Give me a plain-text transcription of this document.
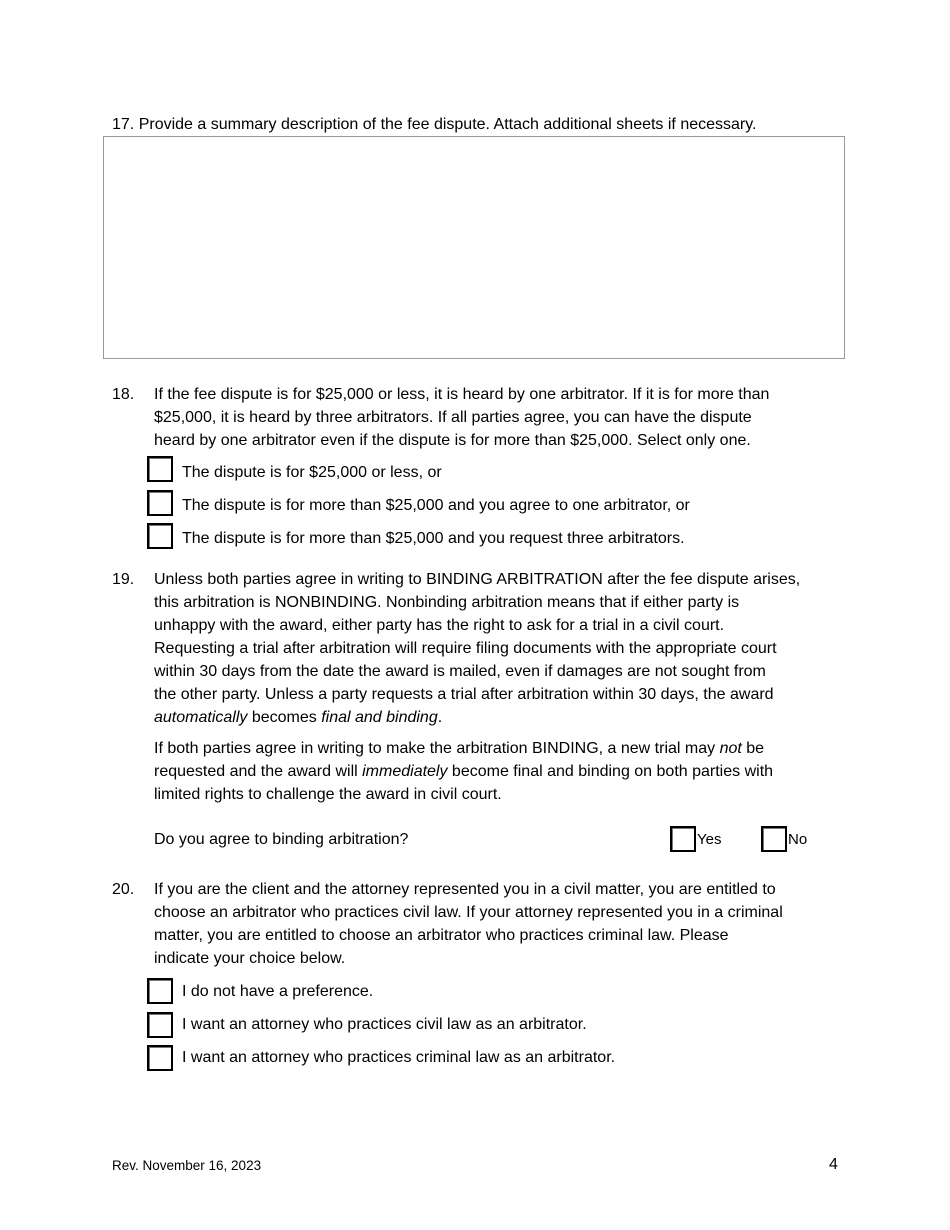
17. Provide a summary description of the fee dispute. Attach additional sheets if necessary.
18. If the fee dispute is for $25,000 or less, it is heard by one arbitrator. If it is for more than

$25,000, it is heard by three arbitrators. If all parties agree, you can have the dispute

heard by one arbitrator even if the dispute is for more than $25,000. Select only one.

The dispute is for $25,000 or less, or
The dispute is for more than $25,000 and you agree to one arbitrator, or
The dispute is for more than $25,000 and you request three arbitrators.
19. Unless both parties agree in writing to BINDING ARBITRATION after the fee dispute arises,

this arbitration is NONBINDING. Nonbinding arbitration means that if either party is

unhappy with the award, either party has the right to ask for a trial in a civil court.

Requesting a trial after arbitration will require filing documents with the appropriate court

within 30 days from the date the award is mailed, even if damages are not sought from

the other party. Unless a party requests a trial after arbitration within 30 days, the award

automatically becomes final and binding.

If both parties agree in writing to make the arbitration BINDING, a new trial may not be

requested and the award will immediately become final and binding on both parties with

limited rights to challenge the award in civil court.

Do you agree to binding arbitration?	Yes	No
20. If you are the client and the attorney represented you in a civil matter, you are entitled to

choose an arbitrator who practices civil law. If your attorney represented you in a criminal

matter, you are entitled to choose an arbitrator who practices criminal law. Please

indicate your choice below.

I do not have a preference.
I want an attorney who practices civil law as an arbitrator.
I want an attorney who practices criminal law as an arbitrator.
Rev. November 16, 2023	4
